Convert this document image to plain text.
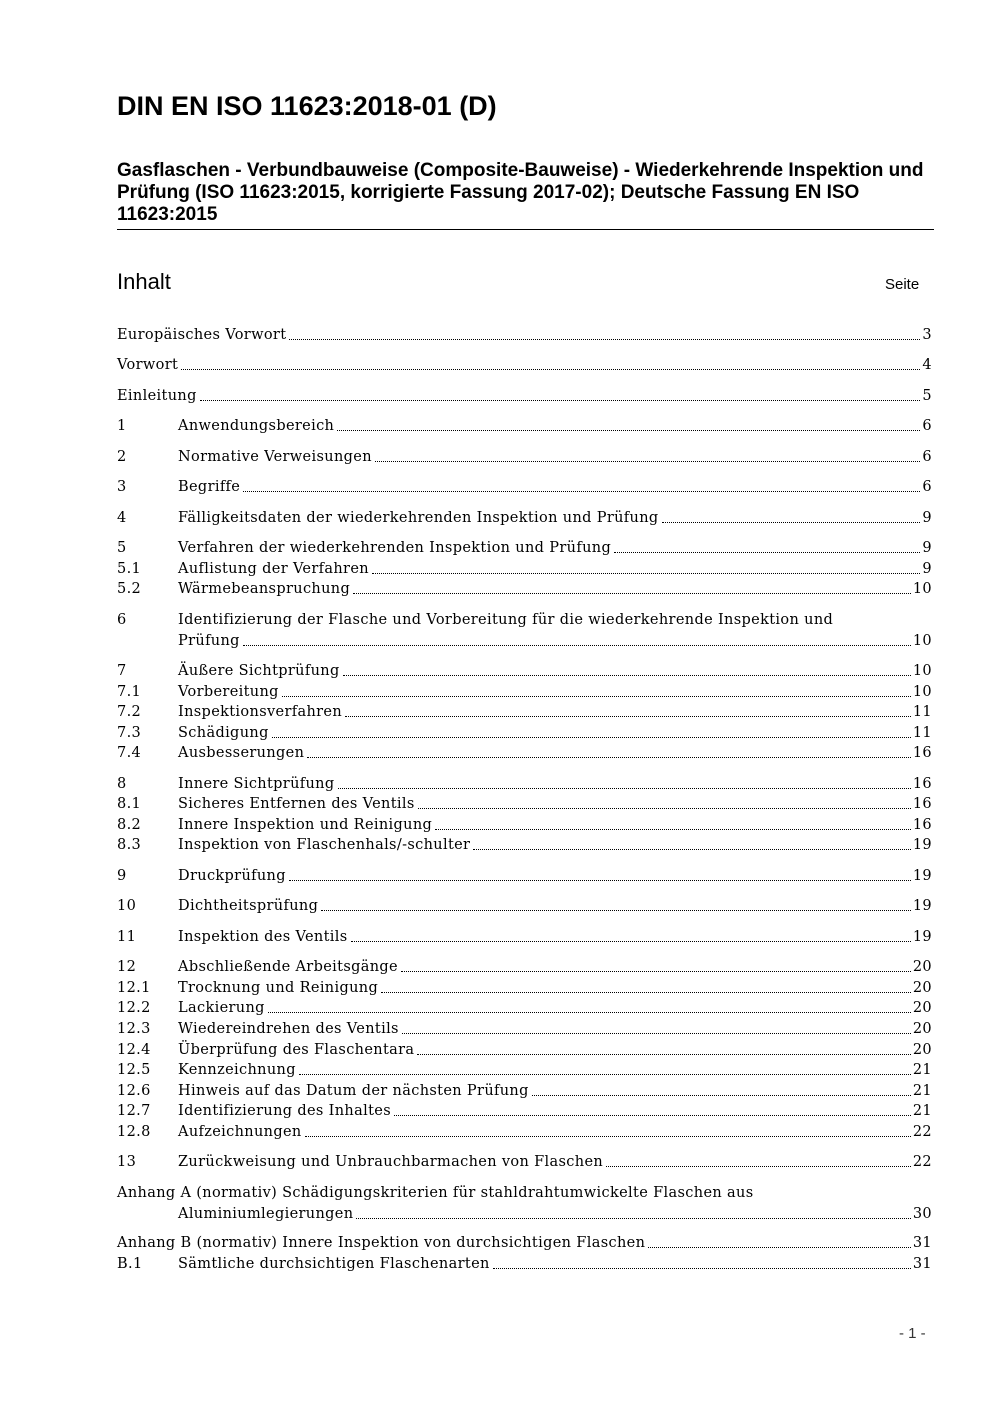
DIN EN ISO 11623:2018-01 (D)
Gasflaschen - Verbundbauweise (Composite-Bauweise) - Wiederkehrende Inspektion und Prüfung (ISO 11623:2015, korrigierte Fassung 2017-02); Deutsche Fassung EN ISO 11623:2015
Inhalt	Seite
Europäisches Vorwort	3
Vorwort	4
Einleitung	5
1	Anwendungsbereich	6
2	Normative Verweisungen	6
3	Begriffe	6
4	Fälligkeitsdaten der wiederkehrenden Inspektion und Prüfung	9
5	Verfahren der wiederkehrenden Inspektion und Prüfung	9
5.1	Auflistung der Verfahren	9
5.2	Wärmebeanspruchung	10
6	Identifizierung der Flasche und Vorbereitung für die wiederkehrende Inspektion und
Prüfung	10
7	Äußere Sichtprüfung	10
7.1	Vorbereitung	10
7.2	Inspektionsverfahren	11
7.3	Schädigung	11
7.4	Ausbesserungen	16
8	Innere Sichtprüfung	16
8.1	Sicheres Entfernen des Ventils	16
8.2	Innere Inspektion und Reinigung	16
8.3	Inspektion von Flaschenhals/-schulter	19
9	Druckprüfung	19
10	Dichtheitsprüfung	19
11	Inspektion des Ventils	19
12	Abschließende Arbeitsgänge	20
12.1 Trocknung und Reinigung	20
12.2 Lackierung	20
12.3 Wiedereindrehen des Ventils	20
12.4 Überprüfung des Flaschentara	20
12.5 Kennzeichnung	21
12.6 Hinweis auf das Datum der nächsten Prüfung	21
12.7 Identifizierung des Inhaltes	21
12.8 Aufzeichnungen	22
13	Zurückweisung und Unbrauchbarmachen von Flaschen	22
Anhang A (normativ) Schädigungskriterien für stahldrahtumwickelte Flaschen aus
Aluminiumlegierungen	30
Anhang B (normativ) Innere Inspektion von durchsichtigen Flaschen	31
B.1 Sämtliche durchsichtigen Flaschenarten	31
- 1 -
